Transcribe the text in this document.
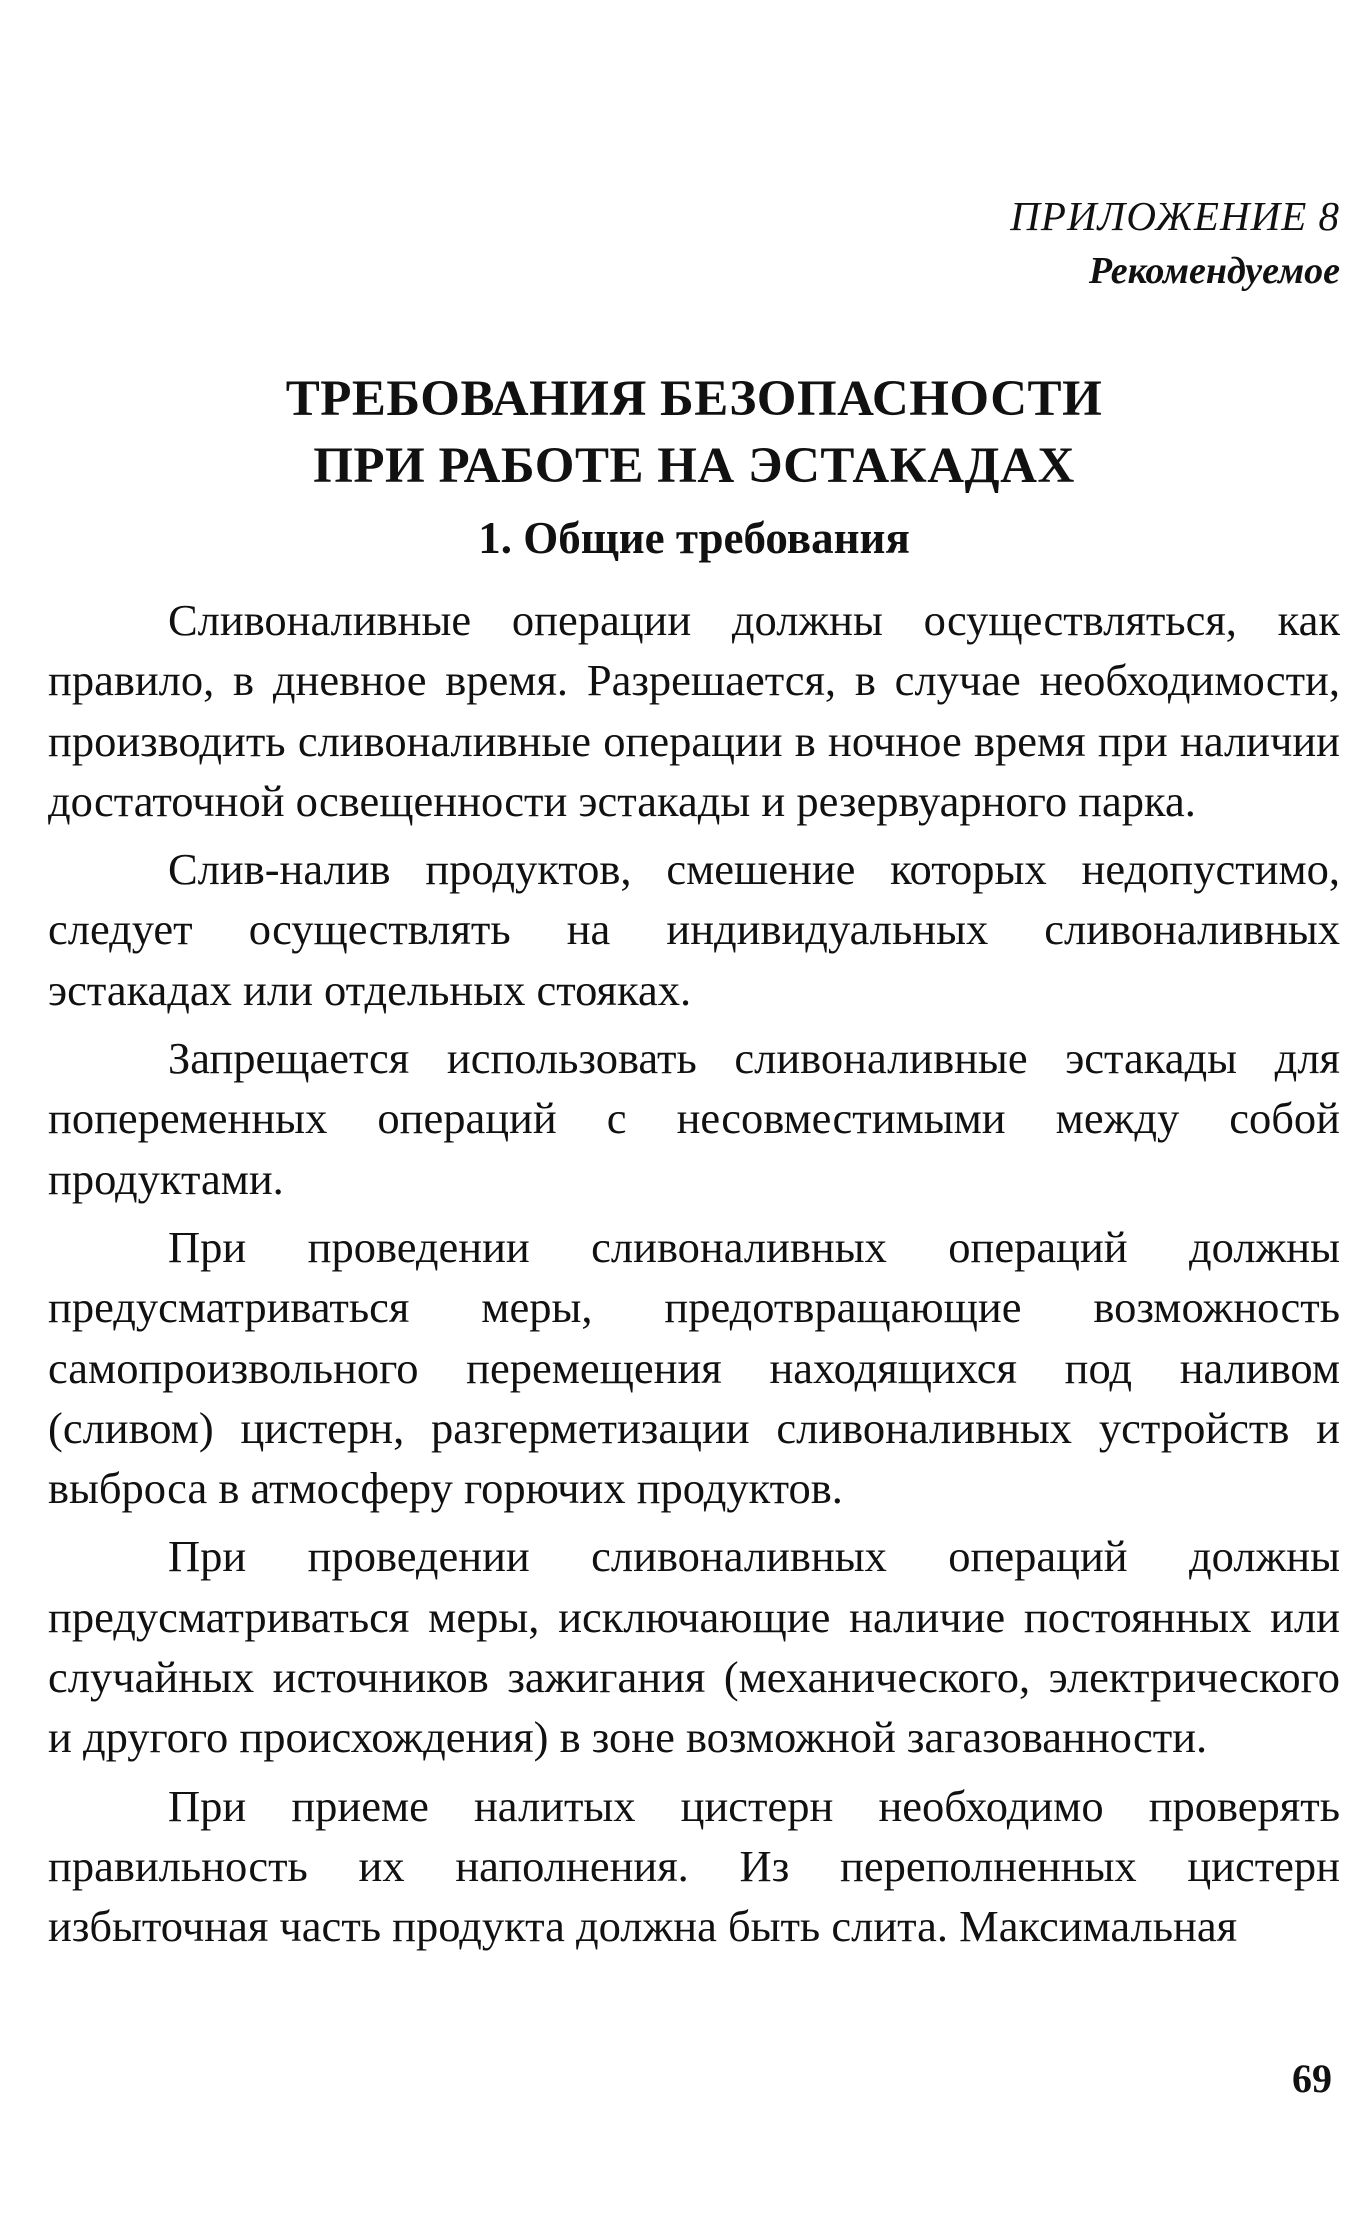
ПРИЛОЖЕНИЕ 8
Рекомендуемое
ТРЕБОВАНИЯ БЕЗОПАСНОСТИ
ПРИ РАБОТЕ НА ЭСТАКАДАХ
1. Общие требования

Сливоналивные операции должны осуществляться, как правило, в дневное время. Разрешается, в случае необходимости, производить сливоналивные операции в ночное время при наличии достаточной освещенности эстакады и резервуарного парка.

Слив-налив продуктов, смешение которых недопустимо, следует осуществлять на индивидуальных сливоналивных эстакадах или отдельных стояках.

Запрещается использовать сливоналивные эстакады для попеременных операций с несовместимыми между собой продуктами.

При проведении сливоналивных операций должны предусматриваться меры, предотвращающие возможность самопроизвольного перемещения находящихся под наливом (сливом) цистерн, разгерметизации сливоналивных устройств и выброса в атмосферу горючих продуктов.

При проведении сливоналивных операций должны предусматриваться меры, исключающие наличие постоянных или случайных источников зажигания (механического, электрического и другого происхождения) в зоне возможной загазованности.

При приеме налитых цистерн необходимо проверять правильность их наполнения. Из переполненных цистерн избыточная часть продукта должна быть слита. Максимальная

69
